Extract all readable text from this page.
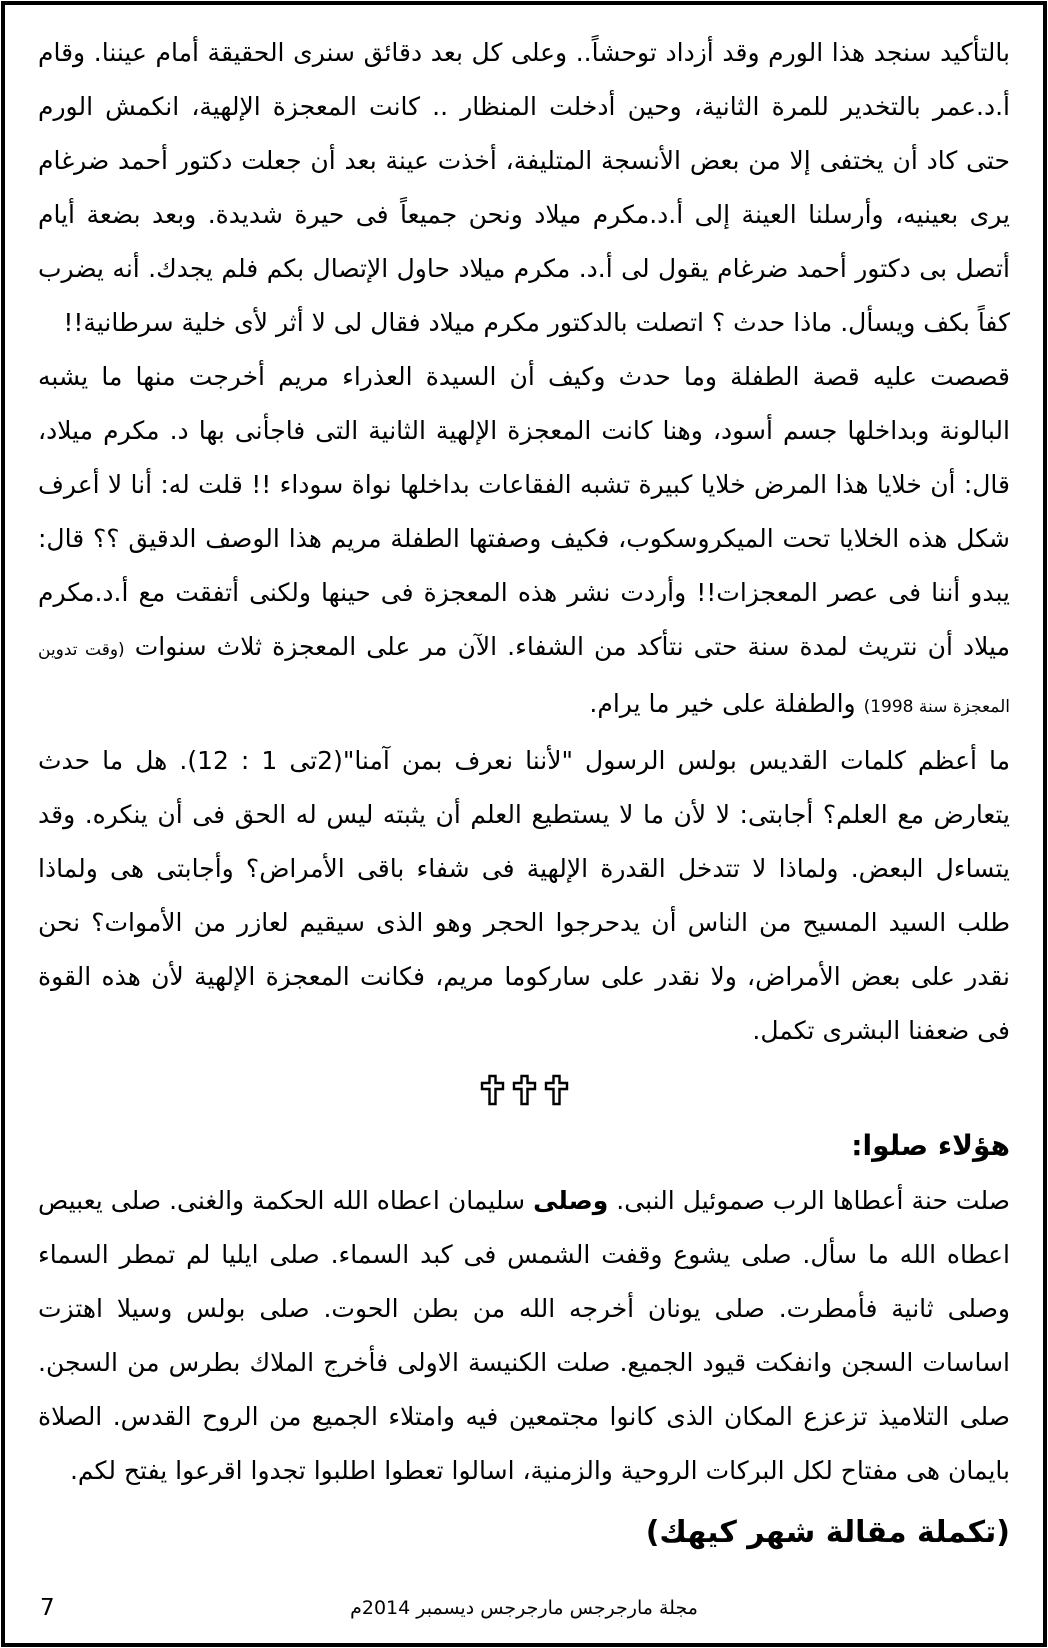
بالتأكيد سنجد هذا الورم وقد أزداد توحشاً.. وعلى كل بعد دقائق سنرى الحقيقة أمام عيننا. وقام أ.د.عمر بالتخدير للمرة الثانية، وحين أدخلت المنظار .. كانت المعجزة الإلهية، انكمش الورم حتى كاد أن يختفى إلا من بعض الأنسجة المتليفة، أخذت عينة بعد أن جعلت دكتور أحمد ضرغام يرى بعينيه، وأرسلنا العينة إلى أ.د.مكرم ميلاد ونحن جميعاً فى حيرة شديدة. وبعد بضعة أيام أتصل بى دكتور أحمد ضرغام يقول لى أ.د. مكرم ميلاد حاول الإتصال بكم فلم يجدك. أنه يضرب كفاً بكف ويسأل. ماذا حدث ؟ اتصلت بالدكتور مكرم ميلاد فقال لى لا أثر لأى خلية سرطانية!!

قصصت عليه قصة الطفلة وما حدث وكيف أن السيدة العذراء مريم أخرجت منها ما يشبه البالونة وبداخلها جسم أسود، وهنا كانت المعجزة الإلهية الثانية التى فاجأنى بها د. مكرم ميلاد، قال: أن خلايا هذا المرض خلايا كبيرة تشبه الفقاعات بداخلها نواة سوداء !! قلت له: أنا لا أعرف شكل هذه الخلايا تحت الميكروسكوب، فكيف وصفتها الطفلة مريم هذا الوصف الدقيق ؟؟ قال: يبدو أننا فى عصر المعجزات!! وأردت نشر هذه المعجزة فى حينها ولكنى أتفقت مع أ.د.مكرم ميلاد أن نتريث لمدة سنة حتى نتأكد من الشفاء. الآن مر على المعجزة ثلاث سنوات (وقت تدوين المعجزة سنة 1998) والطفلة على خير ما يرام.

ما أعظم كلمات القديس بولس الرسول "لأننا نعرف بمن آمنا"(2تى 1 : 12). هل ما حدث يتعارض مع العلم؟ أجابتى: لا لأن ما لا يستطيع العلم أن يثبته ليس له الحق فى أن ينكره. وقد يتساءل البعض. ولماذا لا تتدخل القدرة الإلهية فى شفاء باقى الأمراض؟ وأجابتى هى ولماذا طلب السيد المسيح من الناس أن يدحرجوا الحجر وهو الذى سيقيم لعازر من الأموات؟ نحن نقدر على بعض الأمراض، ولا نقدر على ساركوما مريم، فكانت المعجزة الإلهية لأن هذه القوة فى ضعفنا البشرى تكمل.

هؤلاء صلوا:

صلت حنة أعطاها الرب صموئيل النبى. وصلى سليمان اعطاه الله الحكمة والغنى. صلى يعبيص اعطاه الله ما سأل. صلى يشوع وقفت الشمس فى كبد السماء. صلى ايليا لم تمطر السماء وصلى ثانية فأمطرت. صلى يونان أخرجه الله من بطن الحوت. صلى بولس وسيلا اهتزت اساسات السجن وانفكت قيود الجميع. صلت الكنيسة الاولى فأخرج الملاك بطرس من السجن. صلى التلاميذ تزعزع المكان الذى كانوا مجتمعين فيه وامتلاء الجميع من الروح القدس. الصلاة بايمان هى مفتاح لكل البركات الروحية والزمنية، اسالوا تعطوا اطلبوا تجدوا اقرعوا يفتح لكم.

(تكملة مقالة شهر كيهك)

7	مجلة مارجرجس مارجرجس ديسمبر 2014م
